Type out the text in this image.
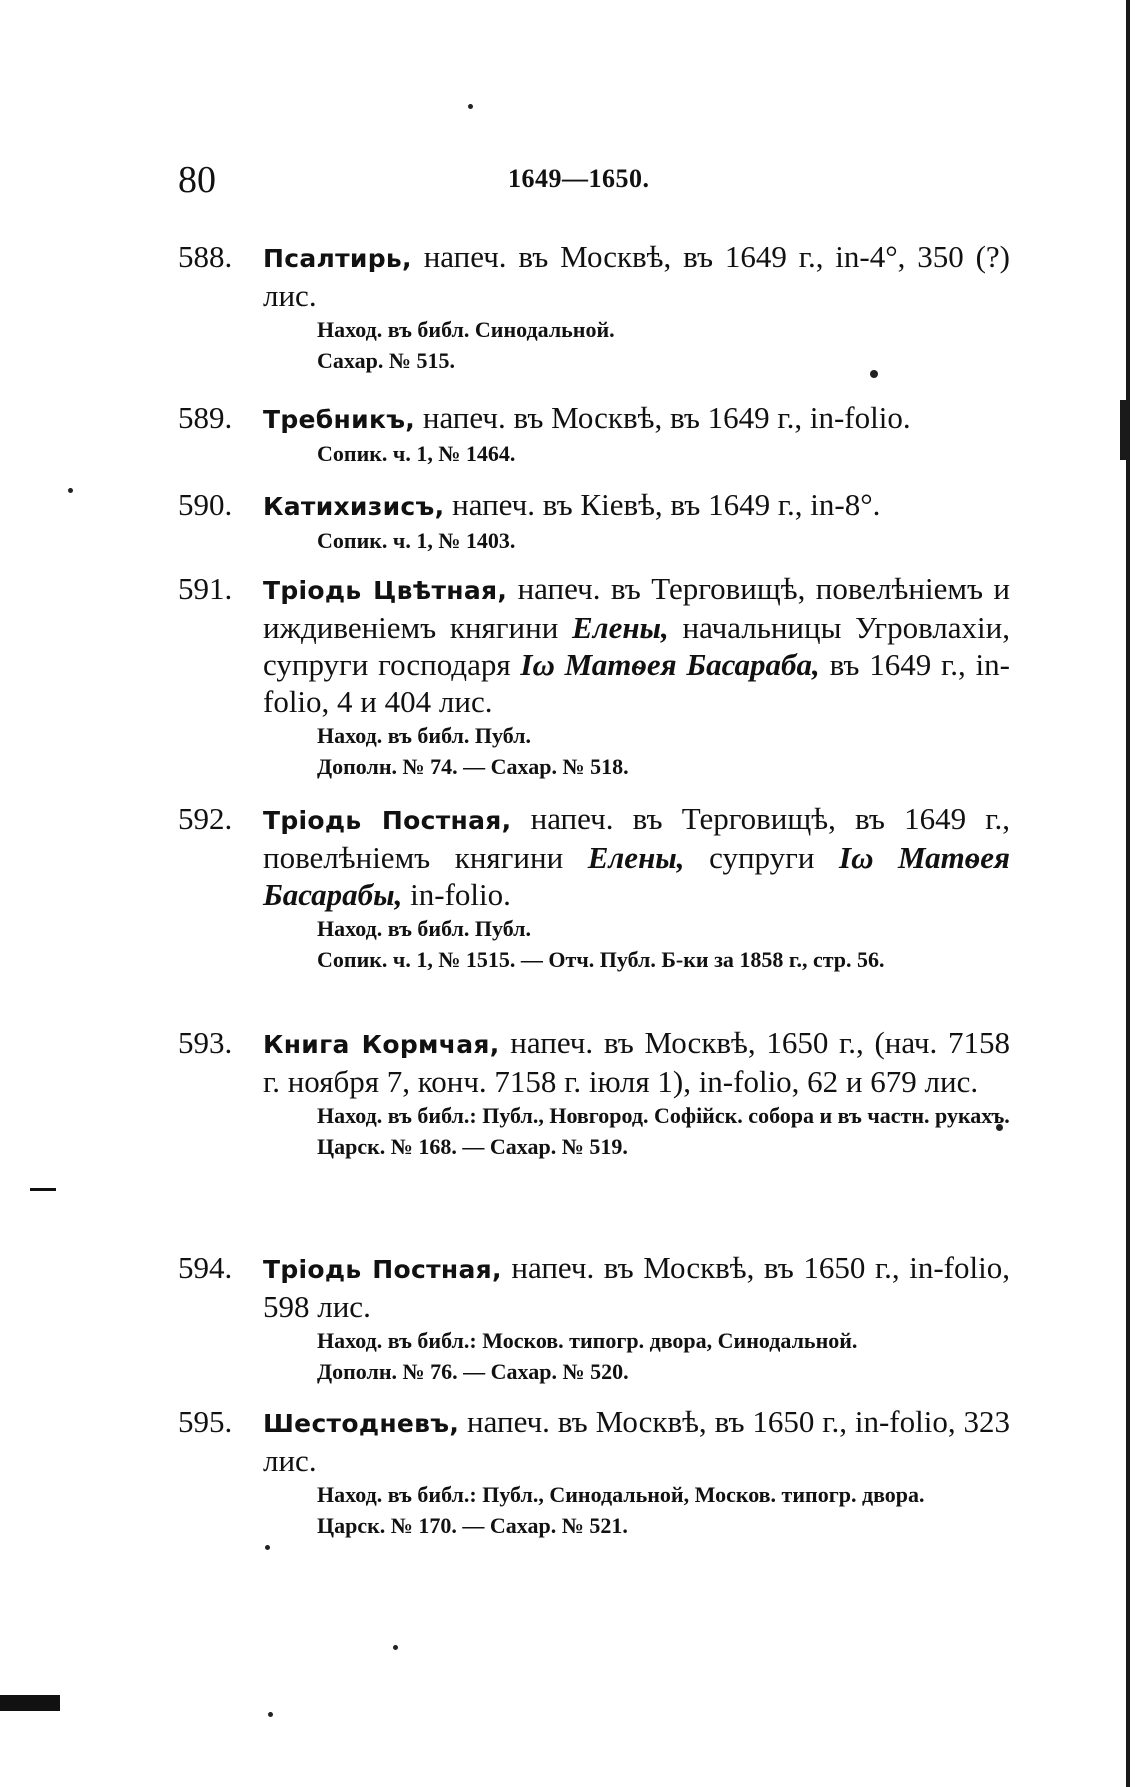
80	1649—1650.
588. Псалтирь, напеч. въ Москвѣ, въ 1649 г., in-4°, 350 (?) лис.
Наход. въ библ. Синодальной.
Сахар. № 515.
589. Требникъ, напеч. въ Москвѣ, въ 1649 г., in-folio.
Сопик. ч. 1, № 1464.
590. Катихизисъ, напеч. въ Кіевѣ, въ 1649 г., in-8°.
Сопик. ч. 1, № 1403.
591. Тріодь Цвѣтная, напеч. въ Терговищѣ, повелѣніемъ и иждивеніемъ княгини Елены, начальницы Угровлахіи, супруги господаря Іω Матѳея Басараба, въ 1649 г., in-folio, 4 и 404 лис.
Наход. въ библ. Публ.
Дополн. № 74. — Сахар. № 518.
592. Тріодь Постная, напеч. въ Терговищѣ, въ 1649 г., повелѣніемъ княгини Елены, супруги Іω Матѳея Басарабы, in-folio.
Наход. въ библ. Публ.
Сопик. ч. 1, № 1515. — Отч. Публ. Б-ки за 1858 г., стр. 56.
593. Книга Кормчая, напеч. въ Москвѣ, 1650 г., (нач. 7158 г. ноября 7, конч. 7158 г. іюля 1), in-folio, 62 и 679 лис.
Наход. въ библ.: Публ., Новгород. Софійск. собора и въ частн. рукахъ.
Царск. № 168. — Сахар. № 519.
594. Тріодь Постная, напеч. въ Москвѣ, въ 1650 г., in-folio, 598 лис.
Наход. въ библ.: Москов. типогр. двора, Синодальной.
Дополн. № 76. — Сахар. № 520.
595. Шестодневъ, напеч. въ Москвѣ, въ 1650 г., in-folio, 323 лис.
Наход. въ библ.: Публ., Синодальной, Москов. типогр. двора.
Царск. № 170. — Сахар. № 521.
